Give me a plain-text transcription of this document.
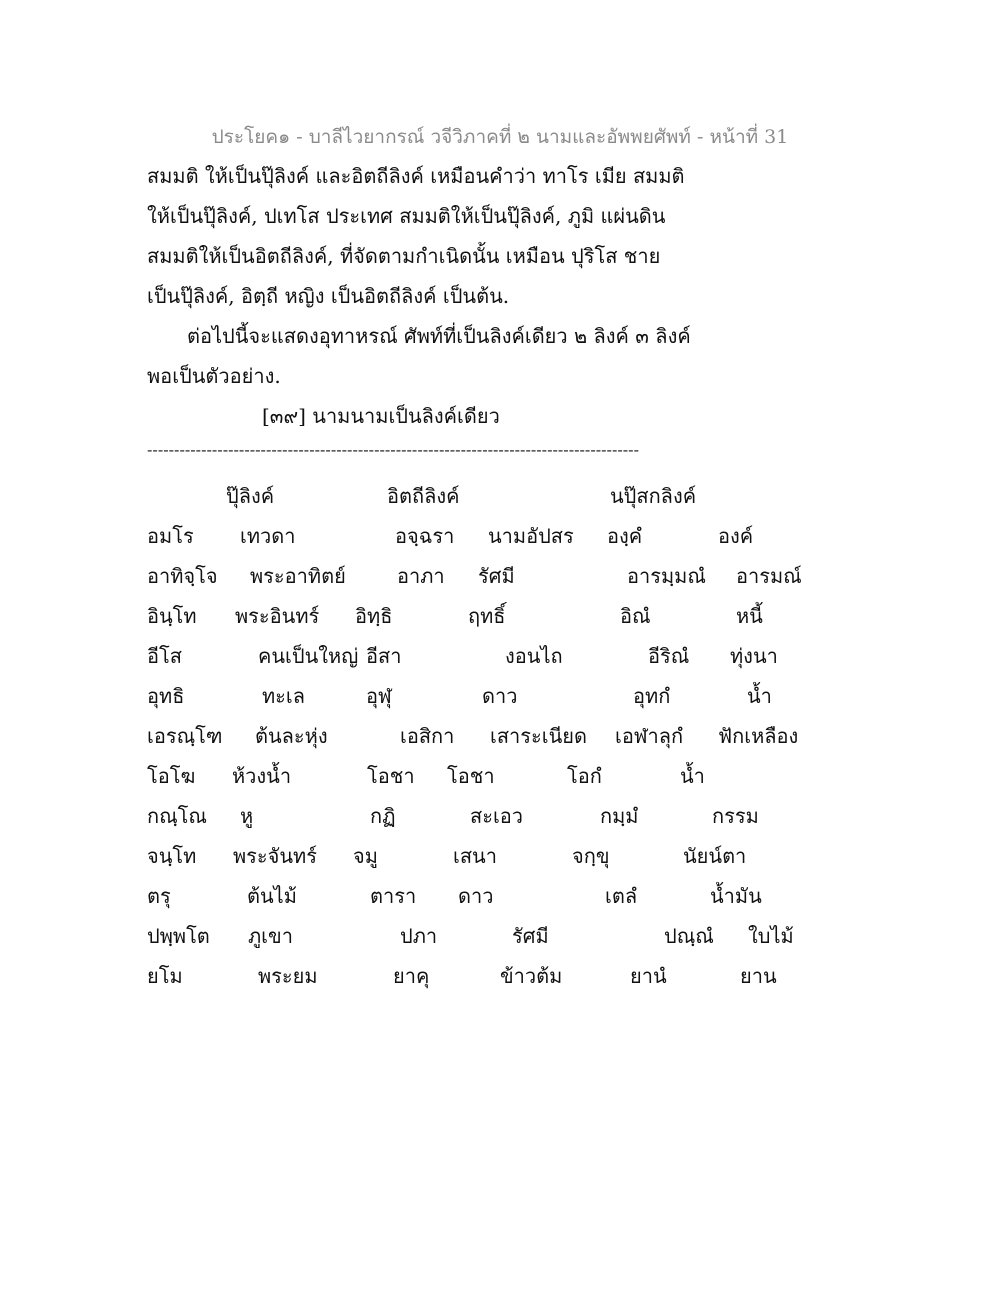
ประโยค๑ - บาลีไวยากรณ์ วจีวิภาคที่ ๒ นามและอัพพยศัพท์ - หน้าที่ 31
สมมติ ให้เป็นปุ๊ลิงค์ และอิตถีลิงค์ เหมือนคำว่า ทาโร เมีย สมมติ
ให้เป็นปุ๊ลิงค์, ปเทโส ประเทศ สมมติให้เป็นปุ๊ลิงค์, ภูมิ แผ่นดิน
สมมติให้เป็นอิตถีลิงค์, ที่จัดตามกำเนิดนั้น เหมือน ปุริโส ชาย
เป็นปุ๊ลิงค์, อิตฺถี หญิง เป็นอิตถีลิงค์ เป็นต้น.
ต่อไปนี้จะแสดงอุทาหรณ์ ศัพท์ที่เป็นลิงค์เดียว ๒ ลิงค์ ๓ ลิงค์
พอเป็นตัวอย่าง.
[๓๙] นามนามเป็นลิงค์เดียว
-------------------------------------------------------------------------------------------
ปุ๊ลิงค์	อิตถีลิงค์	นปุ๊สกลิงค์
อมโร เทวดา	อจฺฉรา นามอัปสร องฺคํ	องค์
อาทิจฺโจ พระอาทิตย์	อาภา รัศมี	อารมฺมณํ อารมณ์
อินฺโท พระอินทร์ อิทฺธิ	ฤทธิ์	อิณํ	หนี้
อีโส	คนเป็นใหญ่ อีสา	งอนไถ	อีริณํ ทุ่งนา
อุทธิ	ทะเล	อุฬุ	ดาว	อุทกํ	น้ำ
เอรณฺโฑ ต้นละหุ่ง	เอสิกา เสาระเนียด เอฬาลุกํ ฟักเหลือง
โอโฆ ห้วงน้ำ	โอชา โอชา	โอกํ	น้ำ
กณฺโณ หู	กฏิ	สะเอว	กมฺมํ	กรรม
จนฺโท พระจันทร์ จมู	เสนา	จกฺขุ	นัยน์ตา
ตรุ	ต้นไม้	ตารา ดาว	เตลํ	น้ำมัน
ปพฺพโต ภูเขา	ปภา	รัศมี	ปณฺณํ ใบไม้
ยโม	พระยม	ยาคุ	ข้าวต้ม	ยานํ	ยาน
